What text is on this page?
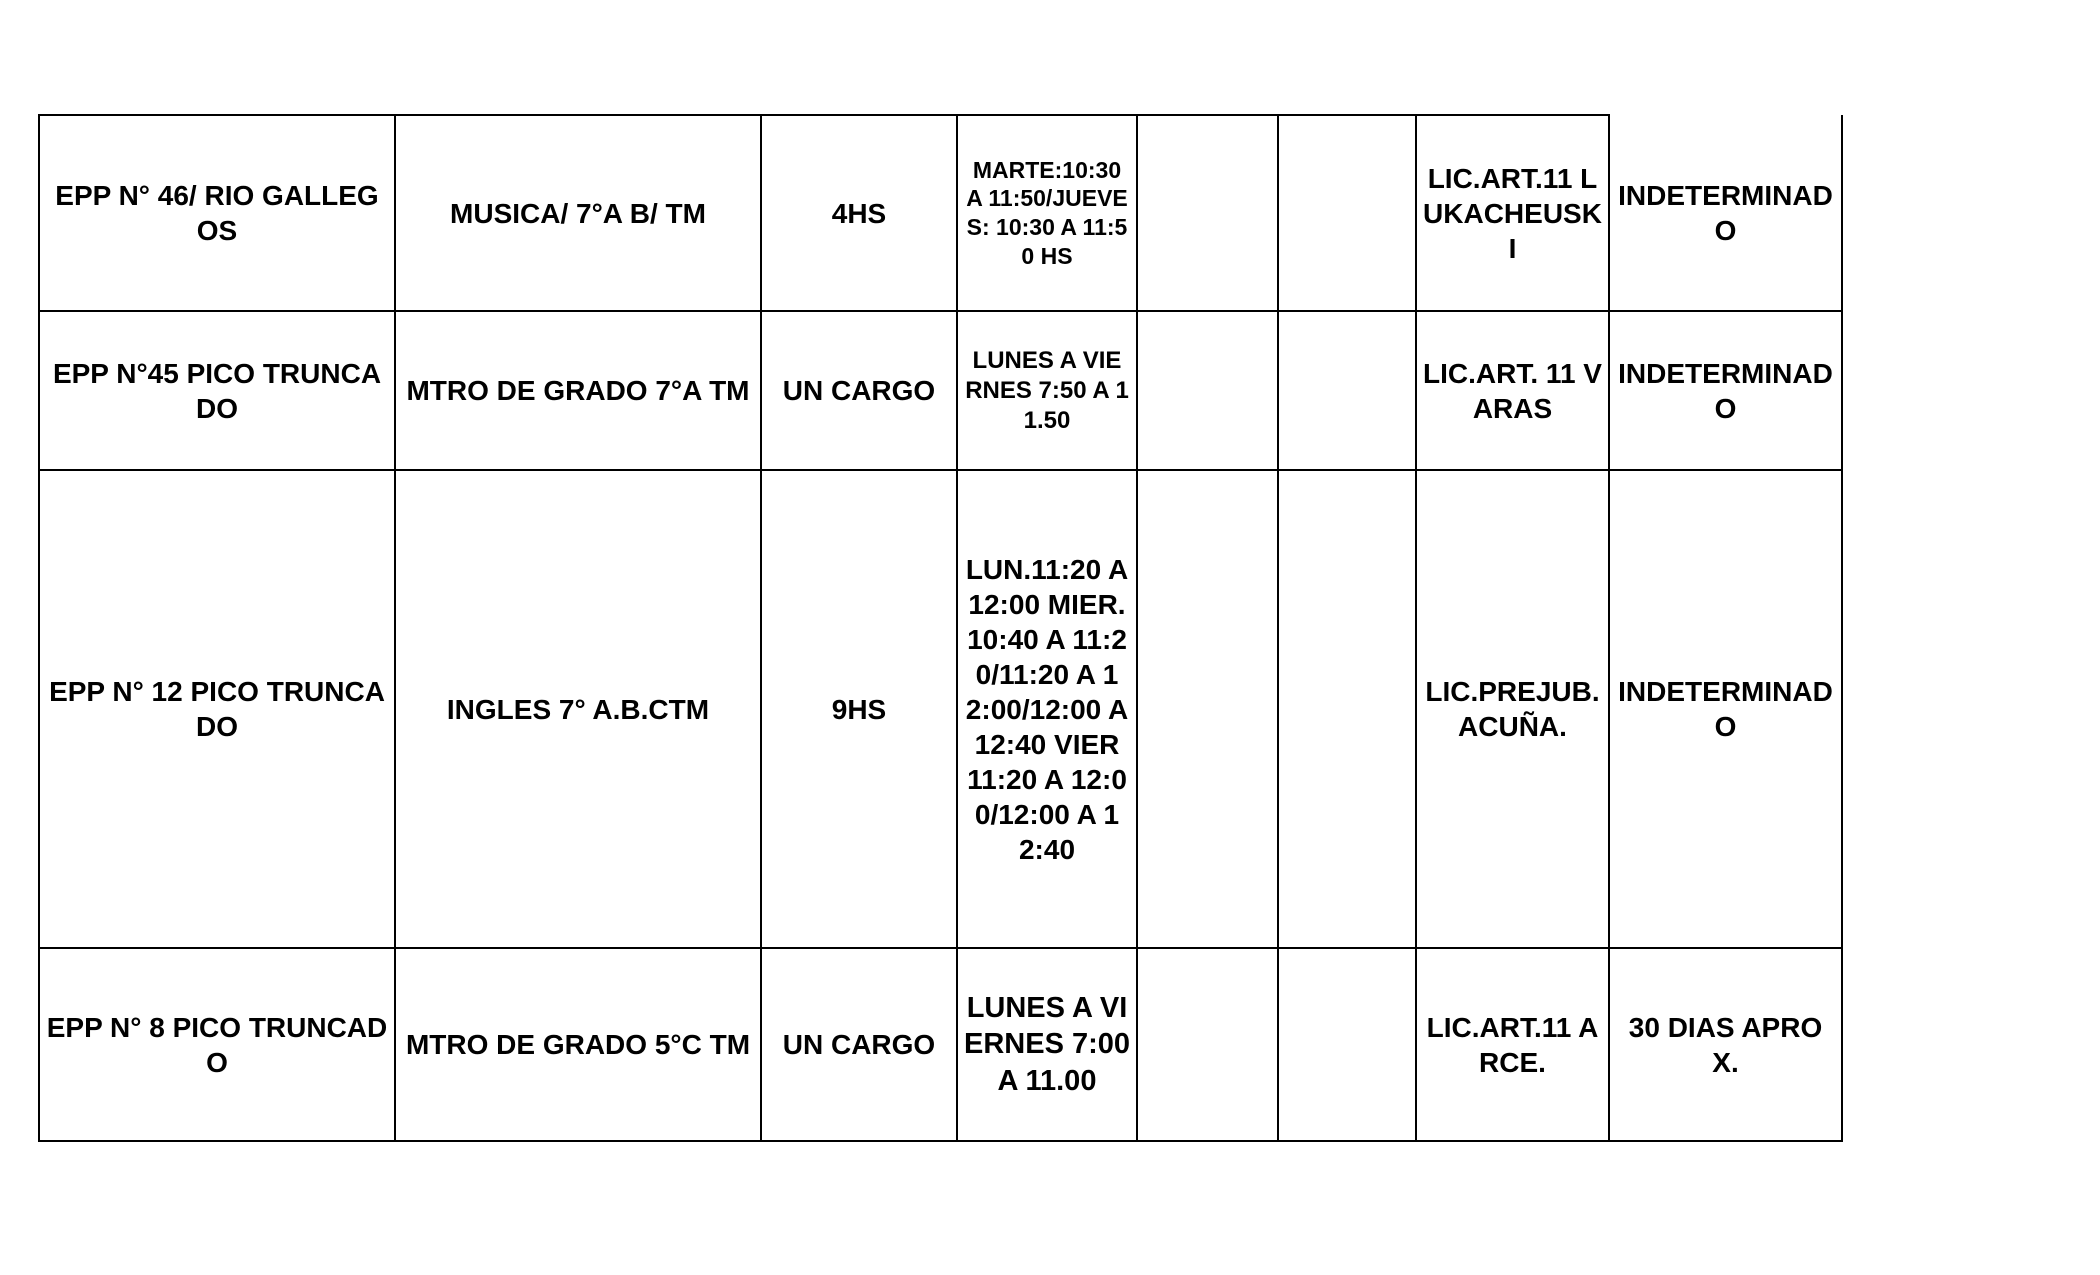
EPP N° 46/ RIO GALLEGOS	MUSICA/ 7°A B/ TM	4HS	MARTE:10:30 A 11:50/JUEVES: 10:30 A 11:50 HS			LIC.ART.11 LUKACHEUSKI	INDETERMINADO
EPP N°45 PICO TRUNCADO	MTRO DE GRADO 7°A TM	UN CARGO	LUNES A VIERNES 7:50 A 11.50			LIC.ART. 11 VARAS	INDETERMINADO
EPP N° 12 PICO TRUNCADO	INGLES 7° A.B.CTM	9HS	LUN.11:20 A12:00 MIER. 10:40 A 11:20/11:20 A 12:00/12:00 A 12:40 VIER 11:20 A 12:00/12:00 A 12:40			LIC.PREJUB. ACUÑA.	INDETERMINADO
EPP N° 8 PICO TRUNCADO	MTRO DE GRADO 5°C TM	UN CARGO	LUNES A VIERNES 7:00 A 11.00			LIC.ART.11 ARCE.	30 DIAS APROX.
